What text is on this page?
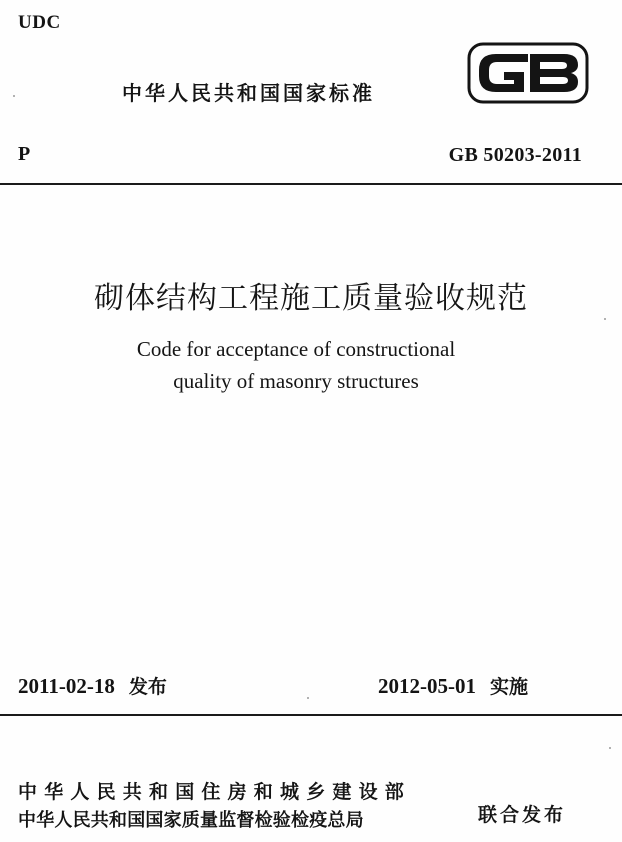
UDC
中华人民共和国国家标准
P	GB 50203-2011
砌体结构工程施工质量验收规范
Code for acceptance of constructional
quality of masonry structures
2011-02-18 发布	2012-05-01 实施
中华人民共和国住房和城乡建设部
中华人民共和国国家质量监督检验检疫总局	联合发布
